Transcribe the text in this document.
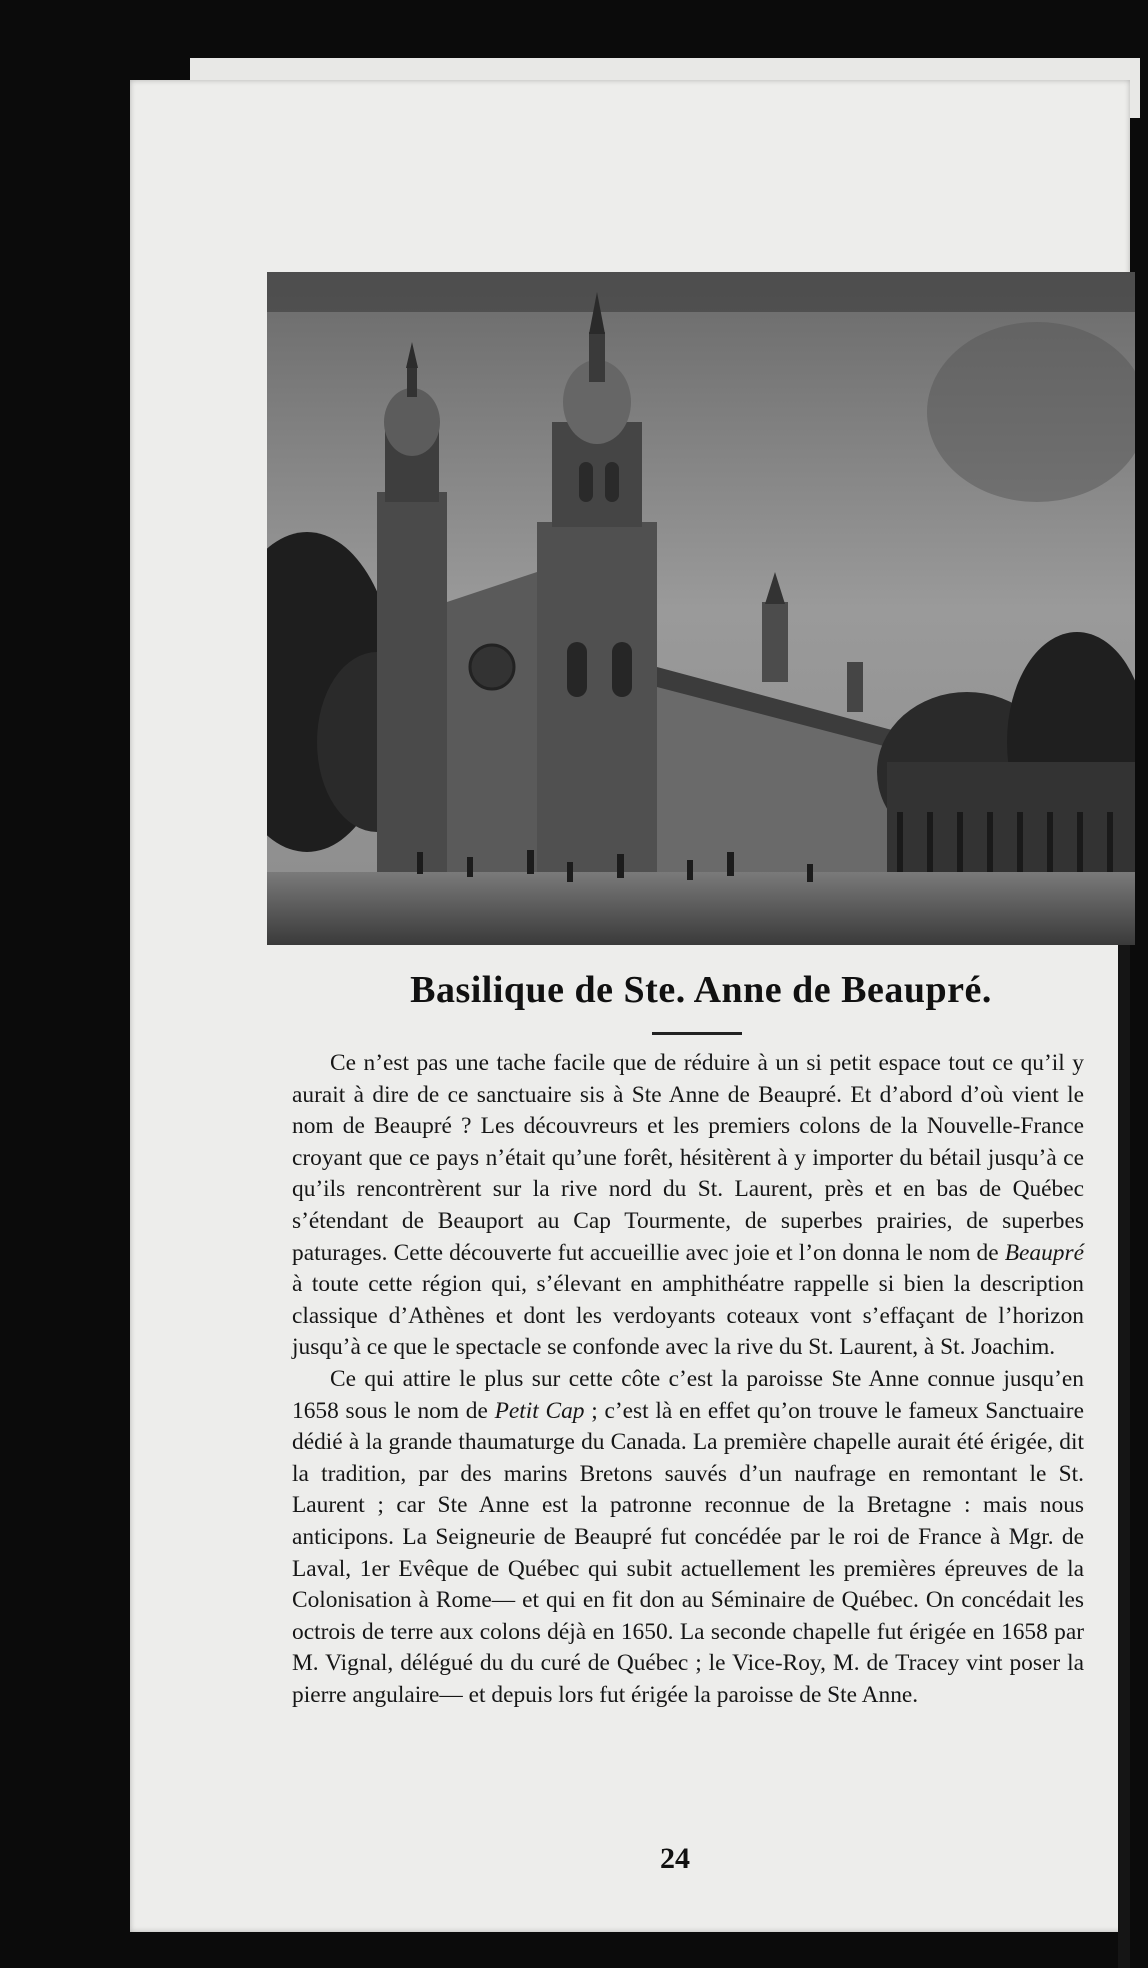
Basilique de Ste. Anne de Beaupré.

Ce n’est pas une tache facile que de réduire à un si petit espace tout ce qu’il y aurait à dire de ce sanctuaire sis à Ste Anne de Beaupré. Et d’abord d’où vient le nom de Beaupré ? Les découvreurs et les premiers colons de la Nouvelle-France croyant que ce pays n’était qu’une forêt, hésitèrent à y importer du bétail jusqu’à ce qu’ils rencontrèrent sur la rive nord du St. Laurent, près et en bas de Québec s’étendant de Beauport au Cap Tourmente, de superbes prairies, de superbes paturages. Cette découverte fut accueillie avec joie et l’on donna le nom de Beaupré à toute cette région qui, s’élevant en amphithéatre rappelle si bien la description classique d’Athènes et dont les verdoyants coteaux vont s’effaçant de l’horizon jusqu’à ce que le spectacle se confonde avec la rive du St. Laurent, à St. Joachim.

Ce qui attire le plus sur cette côte c’est la paroisse Ste Anne connue jusqu’en 1658 sous le nom de Petit Cap ; c’est là en effet qu’on trouve le fameux Sanctuaire dédié à la grande thaumaturge du Canada. La première chapelle aurait été érigée, dit la tradition, par des marins Bretons sauvés d’un naufrage en remontant le St. Laurent ; car Ste Anne est la patronne reconnue de la Bretagne : mais nous anticipons. La Seigneurie de Beaupré fut concédée par le roi de France à Mgr. de Laval, 1er Evêque de Québec qui subit actuellement les premières épreuves de la Colonisation à Rome— et qui en fit don au Séminaire de Québec. On concédait les octrois de terre aux colons déjà en 1650. La seconde chapelle fut érigée en 1658 par M. Vignal, délégué du du curé de Québec ; le Vice-Roy, M. de Tracey vint poser la pierre angulaire— et depuis lors fut érigée la paroisse de Ste Anne.

24
